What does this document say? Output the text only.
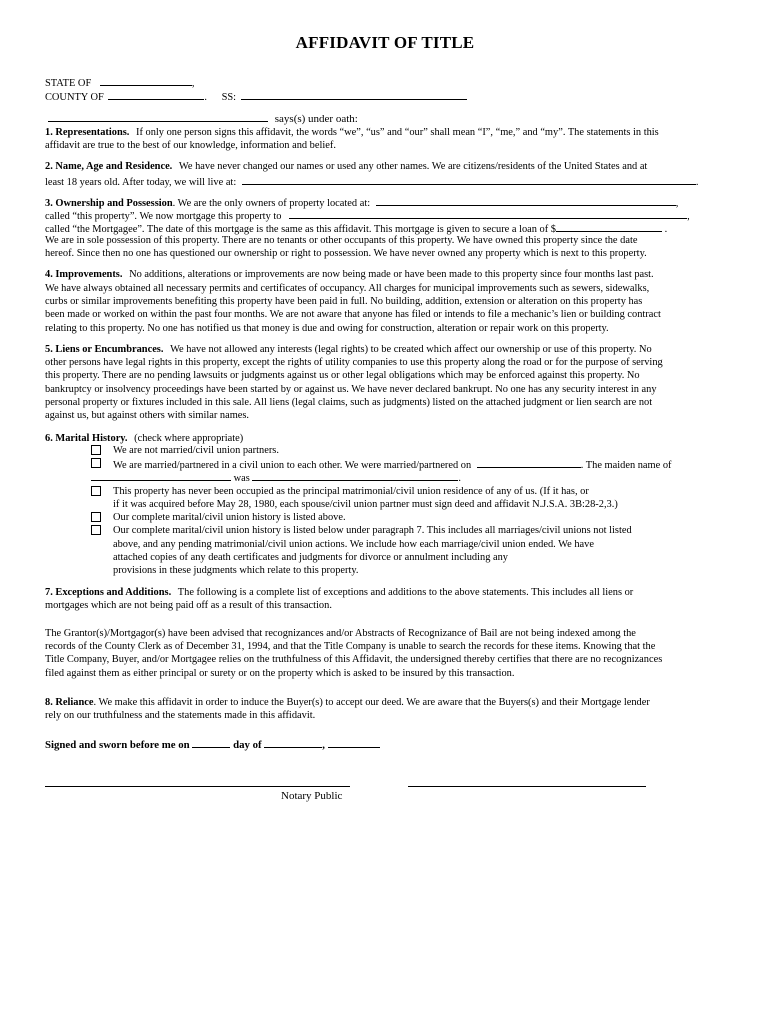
AFFIDAVIT OF TITLE
STATE OF	,
COUNTY OF	. SS:
says(s) under oath:
1. Representations. If only one person signs this affidavit, the words “we”, “us” and “our” shall mean “I”, “me,” and “my”. The statements in this
affidavit are true to the best of our knowledge, information and belief.
2. Name, Age and Residence. We have never changed our names or used any other names. We are citizens/residents of the United States and at
least 18 years old. After today, we will live at:	.
3. Ownership and Possession. We are the only owners of property located at:	,
called “this property”. We now mortgage this property to	,
called “the Mortgagee”. The date of this mortgage is the same as this affidavit. This mortgage is given to secure a loan of $	.
We are in sole possession of this property. There are no tenants or other occupants of this property. We have owned this property since the date
hereof. Since then no one has questioned our ownership or right to possession. We have never owned any property which is next to this property.
4. Improvements. No additions, alterations or improvements are now being made or have been made to this property since four months last past.
We have always obtained all necessary permits and certificates of occupancy. All charges for municipal improvements such as sewers, sidewalks,
curbs or similar improvements benefiting this property have been paid in full. No building, addition, extension or alteration on this property has
been made or worked on within the past four months. We are not aware that anyone has filed or intends to file a mechanic’s lien or building contract
relating to this property. No one has notified us that money is due and owing for construction, alteration or repair work on this property.
5. Liens or Encumbrances. We have not allowed any interests (legal rights) to be created which affect our ownership or use of this property. No
other persons have legal rights in this property, except the rights of utility companies to use this property along the road or for the purpose of serving
this property. There are no pending lawsuits or judgments against us or other legal obligations which may be enforced against this property. No
bankruptcy or insolvency proceedings have been started by or against us. We have never declared bankrupt. No one has any security interest in any
personal property or fixtures included in this sale. All liens (legal claims, such as judgments) listed on the attached judgment or lien search are not
against us, but against others with similar names.
6. Marital History. (check where appropriate)
We are not married/civil union partners.
We are married/partnered in a civil union to each other. We were married/partnered on	. The maiden name of
was	.
This property has never been occupied as the principal matrimonial/civil union residence of any of us. (If it has, or
if it was acquired before May 28, 1980, each spouse/civil union partner must sign deed and affidavit N.J.S.A. 3B:28-2,3.)
Our complete marital/civil union history is listed above.
Our complete marital/civil union history is listed below under paragraph 7. This includes all marriages/civil unions not listed
above, and any pending matrimonial/civil union actions. We include how each marriage/civil union ended. We have
attached copies of any death certificates and judgments for divorce or annulment including any
provisions in these judgments which relate to this property.
7. Exceptions and Additions. The following is a complete list of exceptions and additions to the above statements. This includes all liens or
mortgages which are not being paid off as a result of this transaction.
The Grantor(s)/Mortgagor(s) have been advised that recognizances and/or Abstracts of Recognizance of Bail are not being indexed among the
records of the County Clerk as of December 31, 1994, and that the Title Company is unable to search the records for these items. Knowing that the
Title Company, Buyer, and/or Mortgagee relies on the truthfulness of this Affidavit, the undersigned thereby certifies that there are no recognizances
filed against them as either principal or surety or on the property which is asked to be insured by this transaction.
8. Reliance. We make this affidavit in order to induce the Buyer(s) to accept our deed. We are aware that the Buyers(s) and their Mortgage lender
rely on our truthfulness and the statements made in this affidavit.
Signed and sworn before me on	day of	,
Notary Public
